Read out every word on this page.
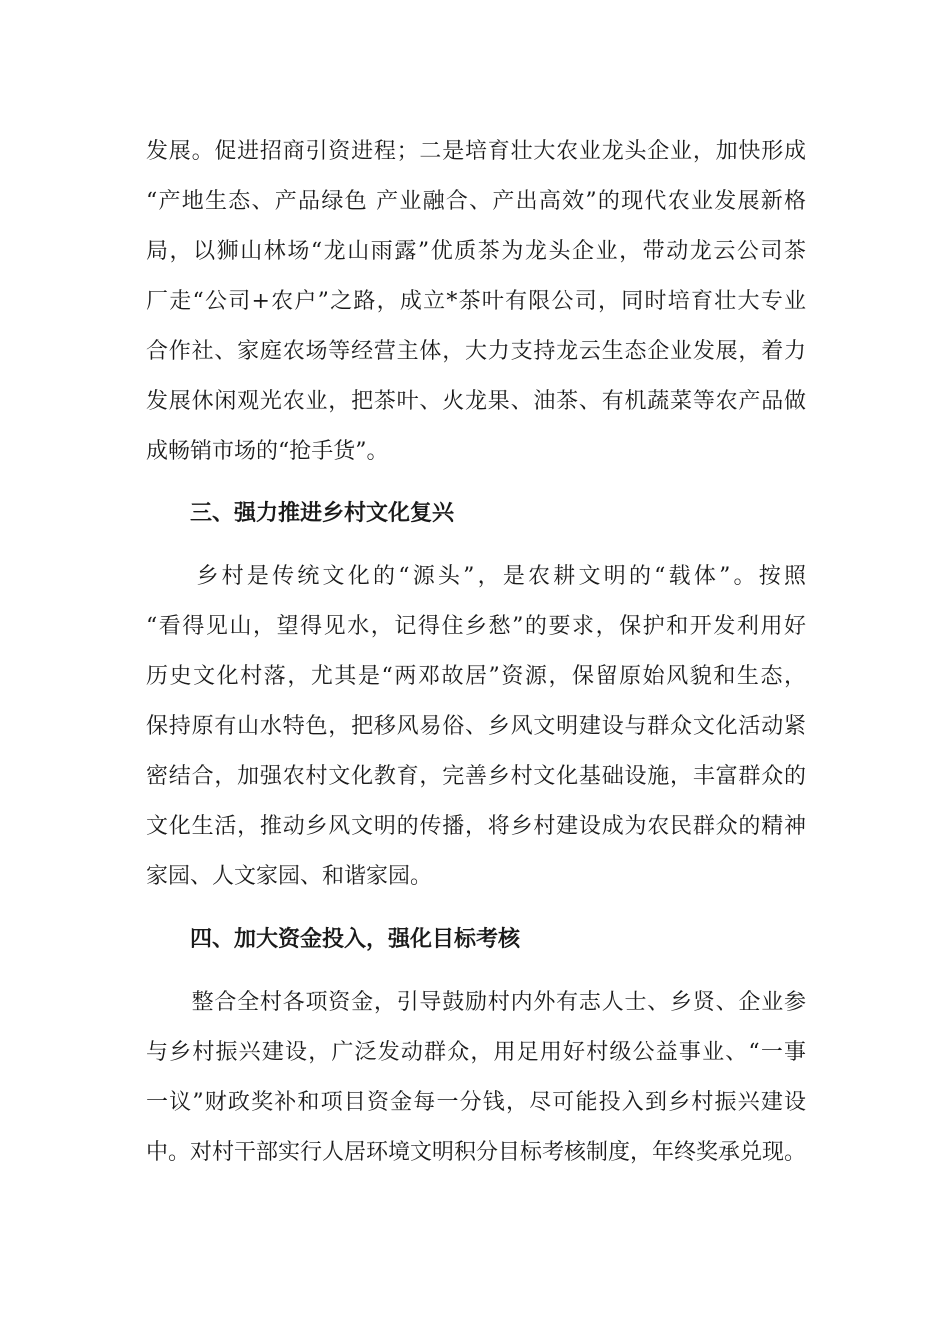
发展。促进招商引资进程；二是培育壮大农业龙头企业，加快形成
“产地生态、产品绿色 产业融合、产出高效”的现代农业发展新格
局，以狮山林场“龙山雨露”优质茶为龙头企业，带动龙云公司茶
厂走“公司+农户”之路，成立*茶叶有限公司，同时培育壮大专业
合作社、家庭农场等经营主体，大力支持龙云生态企业发展，着力
发展休闲观光农业，把茶叶、火龙果、油茶、有机蔬菜等农产品做
成畅销市场的“抢手货”。
三、强力推进乡村文化复兴
　　乡村是传统文化的“源头”，是农耕文明的“载体”。按照
“看得见山，望得见水，记得住乡愁”的要求，保护和开发利用好
历史文化村落，尤其是“两邓故居”资源，保留原始风貌和生态，
保持原有山水特色，把移风易俗、乡风文明建设与群众文化活动紧
密结合，加强农村文化教育，完善乡村文化基础设施，丰富群众的
文化生活，推动乡风文明的传播，将乡村建设成为农民群众的精神
家园、人文家园、和谐家园。
四、加大资金投入，强化目标考核
　　整合全村各项资金，引导鼓励村内外有志人士、乡贤、企业参
与乡村振兴建设，广泛发动群众，用足用好村级公益事业、“一事
一议”财政奖补和项目资金每一分钱，尽可能投入到乡村振兴建设
中。对村干部实行人居环境文明积分目标考核制度，年终奖承兑现。
